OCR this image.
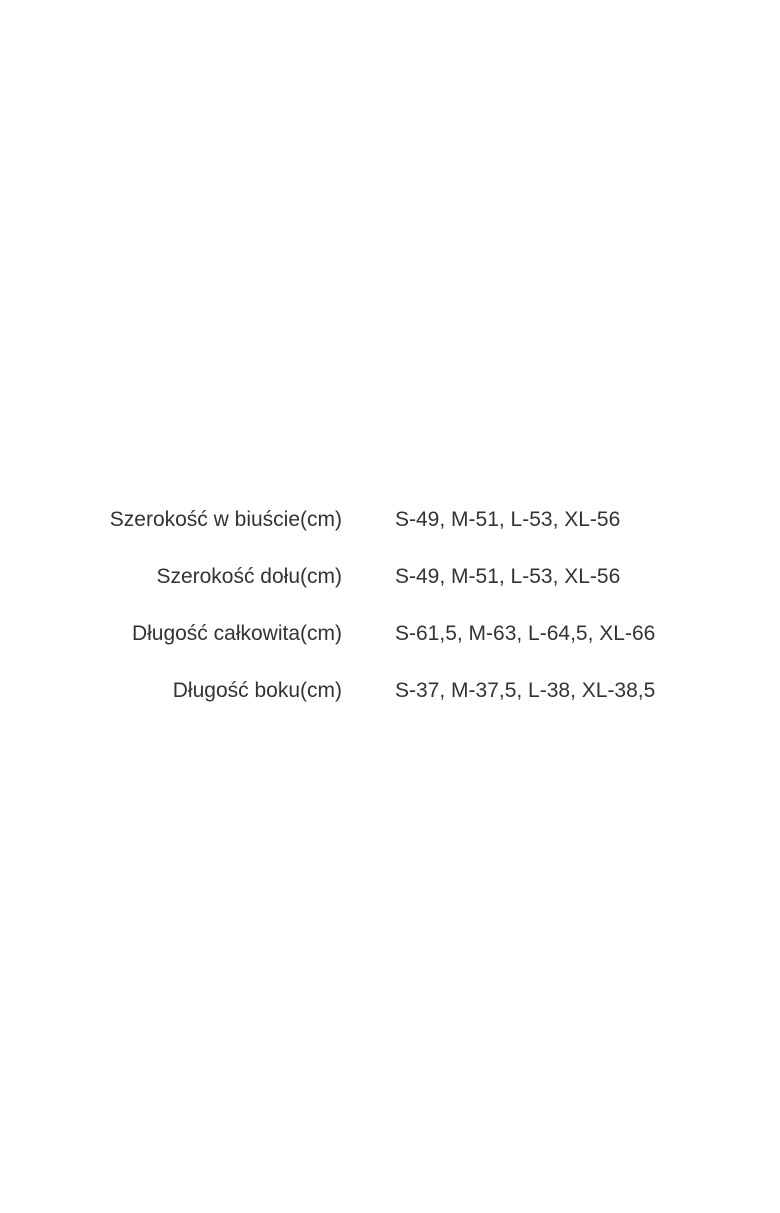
Szerokość w biuście(cm)	S-49, M-51, L-53, XL-56
Szerokość dołu(cm)	S-49, M-51, L-53, XL-56
Długość całkowita(cm)	S-61,5, M-63, L-64,5, XL-66
Długość boku(cm)	S-37, M-37,5, L-38, XL-38,5
